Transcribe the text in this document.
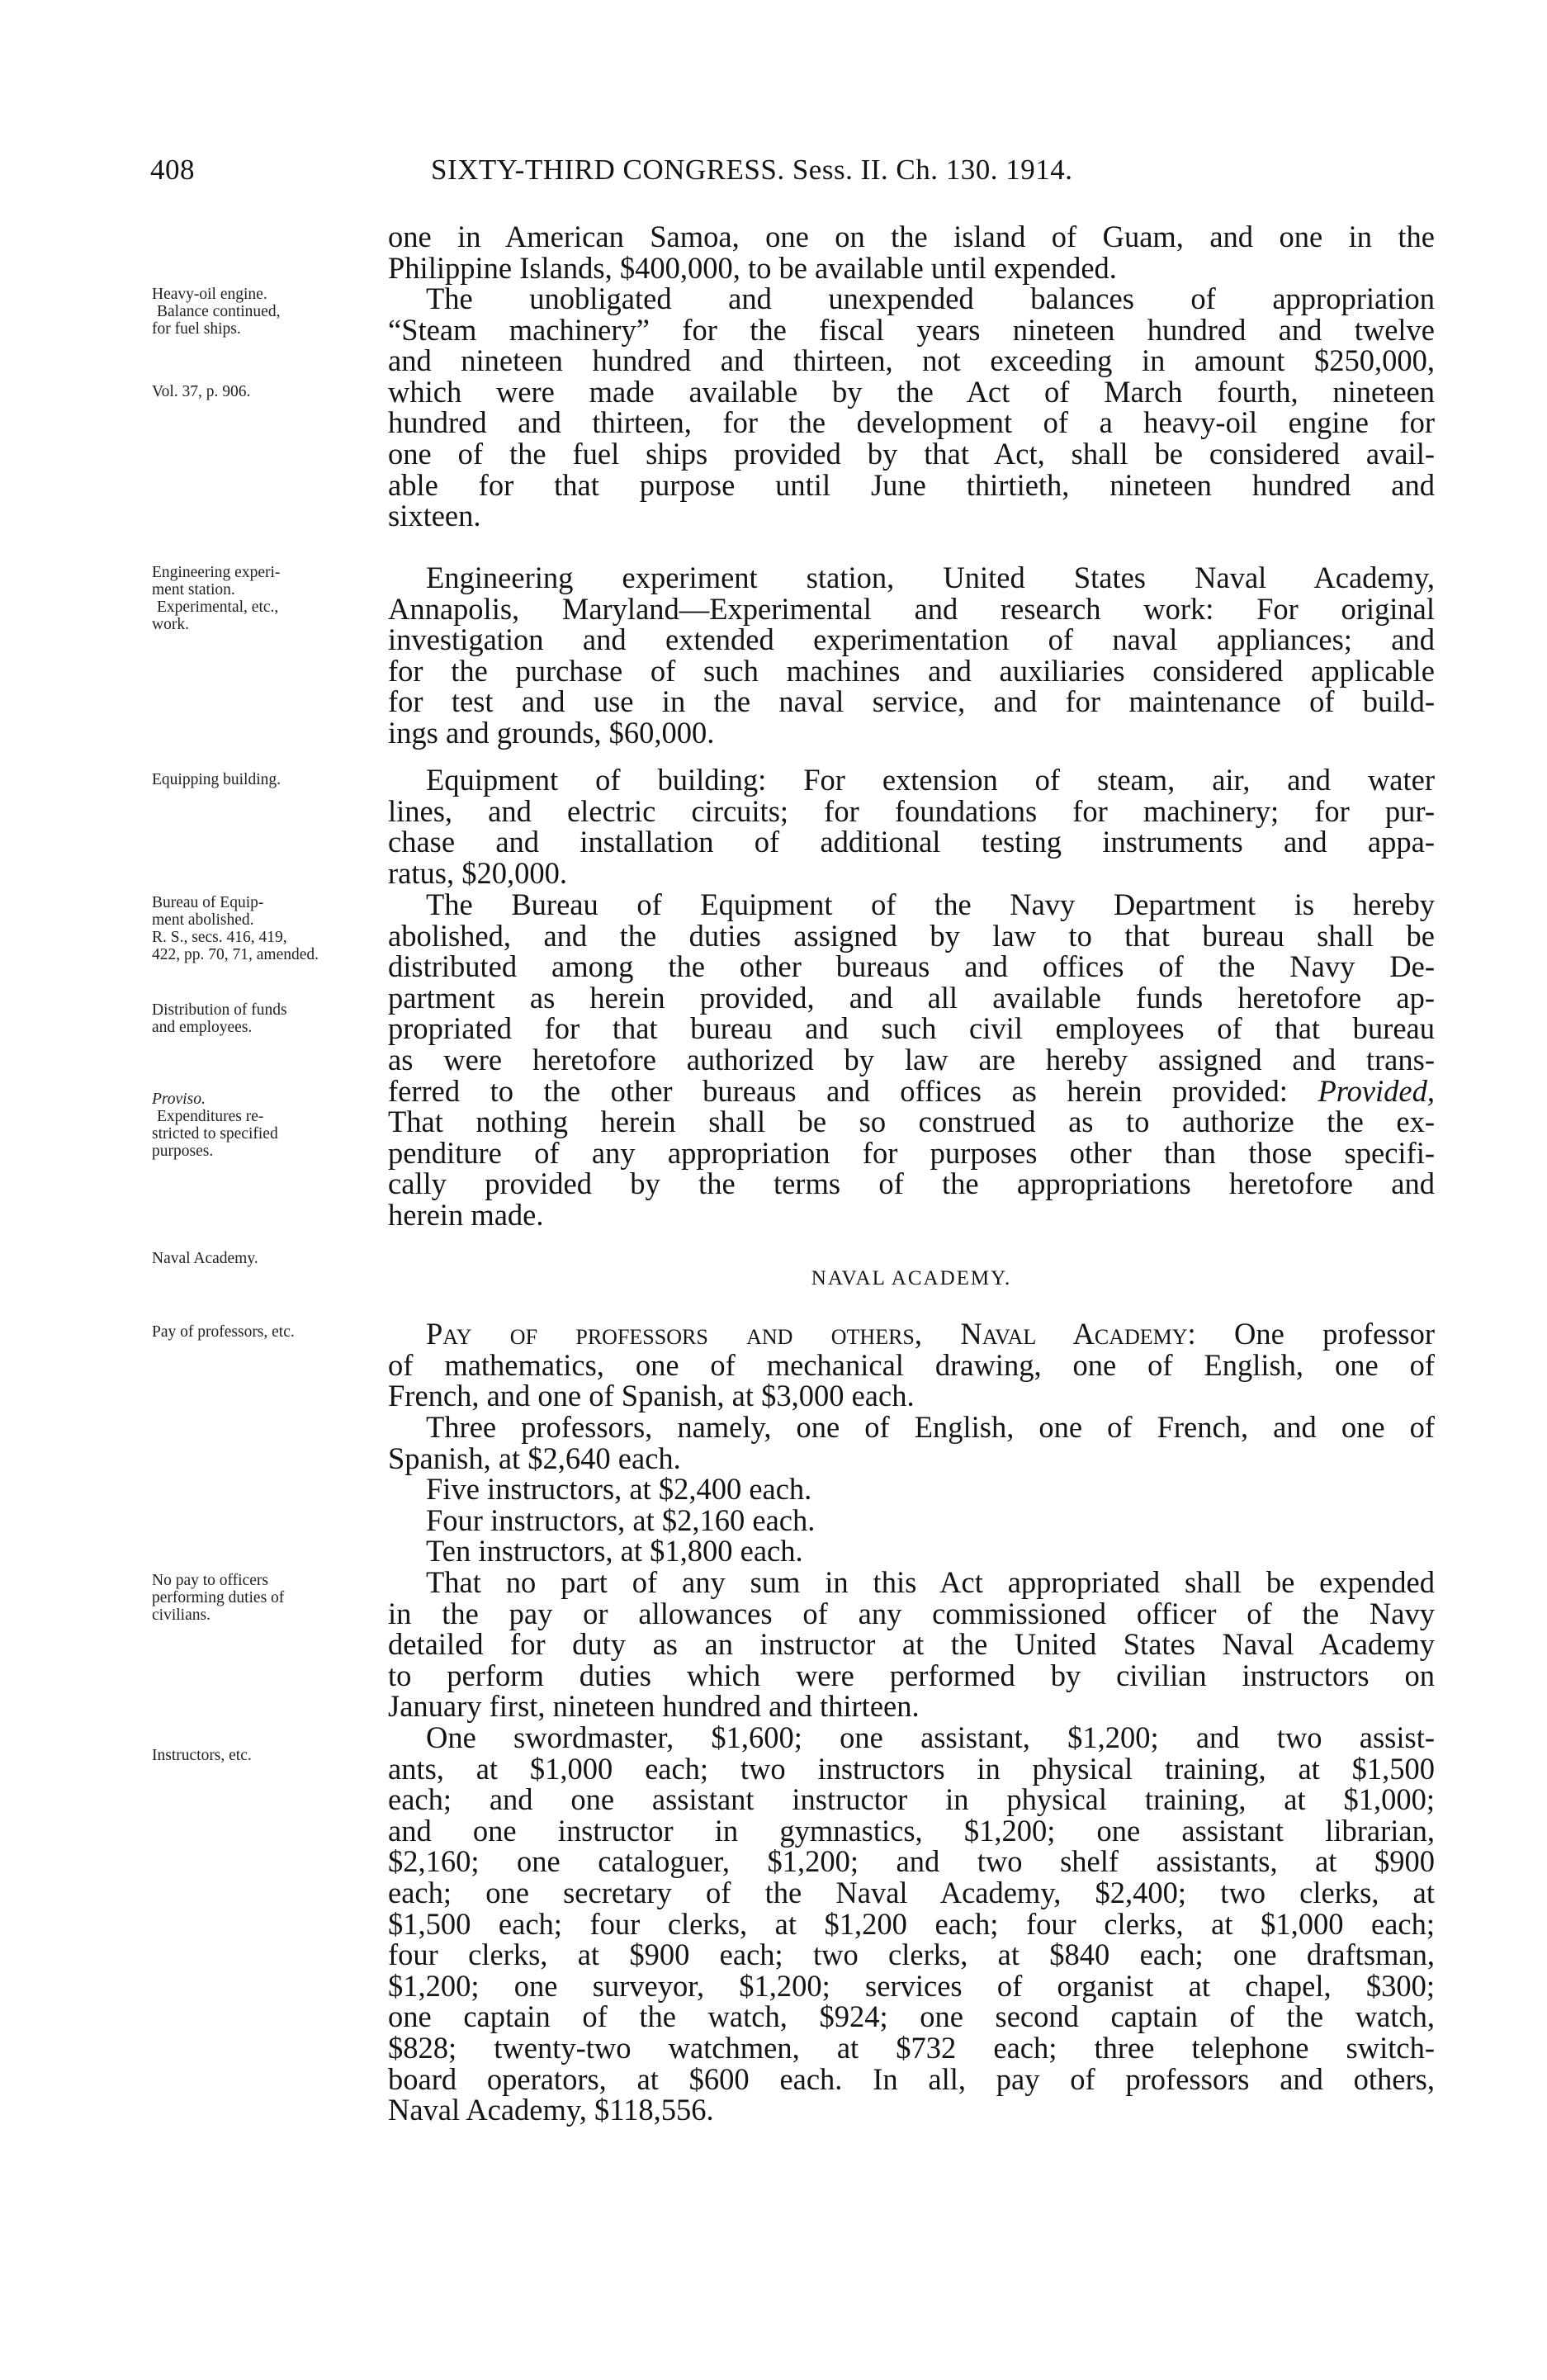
408	SIXTY-THIRD CONGRESS. Sess. II. Ch. 130. 1914.
Heavy-oil engine.
Balance continued,
for fuel ships.
Vol. 37, p. 906.
Engineering experi-
ment station.
Experimental, etc.,
work.
Equipping building.
Bureau of Equip-
ment abolished.
R. S., secs. 416, 419,
422, pp. 70, 71, amended.
Distribution of funds
and employees.
Proviso.
Expenditures re-
stricted to specified
purposes.
Naval Academy.
Pay of professors, etc.
No pay to officers
performing duties of
civilians.
Instructors, etc.
one in American Samoa, one on the island of Guam, and one in the
Philippine Islands, $400,000, to be available until expended.
The unobligated and unexpended balances of appropriation
“Steam machinery” for the fiscal years nineteen hundred and twelve
and nineteen hundred and thirteen, not exceeding in amount $250,000,
which were made available by the Act of March fourth, nineteen
hundred and thirteen, for the development of a heavy-oil engine for
one of the fuel ships provided by that Act, shall be considered avail-
able for that purpose until June thirtieth, nineteen hundred and
sixteen.
Engineering experiment station, United States Naval Academy,
Annapolis, Maryland—Experimental and research work: For original
investigation and extended experimentation of naval appliances; and
for the purchase of such machines and auxiliaries considered applicable
for test and use in the naval service, and for maintenance of build-
ings and grounds, $60,000.
Equipment of building: For extension of steam, air, and water
lines, and electric circuits; for foundations for machinery; for pur-
chase and installation of additional testing instruments and appa-
ratus, $20,000.
The Bureau of Equipment of the Navy Department is hereby
abolished, and the duties assigned by law to that bureau shall be
distributed among the other bureaus and offices of the Navy De-
partment as herein provided, and all available funds heretofore ap-
propriated for that bureau and such civil employees of that bureau
as were heretofore authorized by law are hereby assigned and trans-
ferred to the other bureaus and offices as herein provided: Provided,
That nothing herein shall be so construed as to authorize the ex-
penditure of any appropriation for purposes other than those specifi-
cally provided by the terms of the appropriations heretofore and
herein made.
NAVAL ACADEMY.
Pay of professors and others, Naval Academy: One professor
of mathematics, one of mechanical drawing, one of English, one of
French, and one of Spanish, at $3,000 each.
Three professors, namely, one of English, one of French, and one of
Spanish, at $2,640 each.
Five instructors, at $2,400 each.
Four instructors, at $2,160 each.
Ten instructors, at $1,800 each.
That no part of any sum in this Act appropriated shall be expended
in the pay or allowances of any commissioned officer of the Navy
detailed for duty as an instructor at the United States Naval Academy
to perform duties which were performed by civilian instructors on
January first, nineteen hundred and thirteen.
One swordmaster, $1,600; one assistant, $1,200; and two assist-
ants, at $1,000 each; two instructors in physical training, at $1,500
each; and one assistant instructor in physical training, at $1,000;
and one instructor in gymnastics, $1,200; one assistant librarian,
$2,160; one cataloguer, $1,200; and two shelf assistants, at $900
each; one secretary of the Naval Academy, $2,400; two clerks, at
$1,500 each; four clerks, at $1,200 each; four clerks, at $1,000 each;
four clerks, at $900 each; two clerks, at $840 each; one draftsman,
$1,200; one surveyor, $1,200; services of organist at chapel, $300;
one captain of the watch, $924; one second captain of the watch,
$828; twenty-two watchmen, at $732 each; three telephone switch-
board operators, at $600 each. In all, pay of professors and others,
Naval Academy, $118,556.
